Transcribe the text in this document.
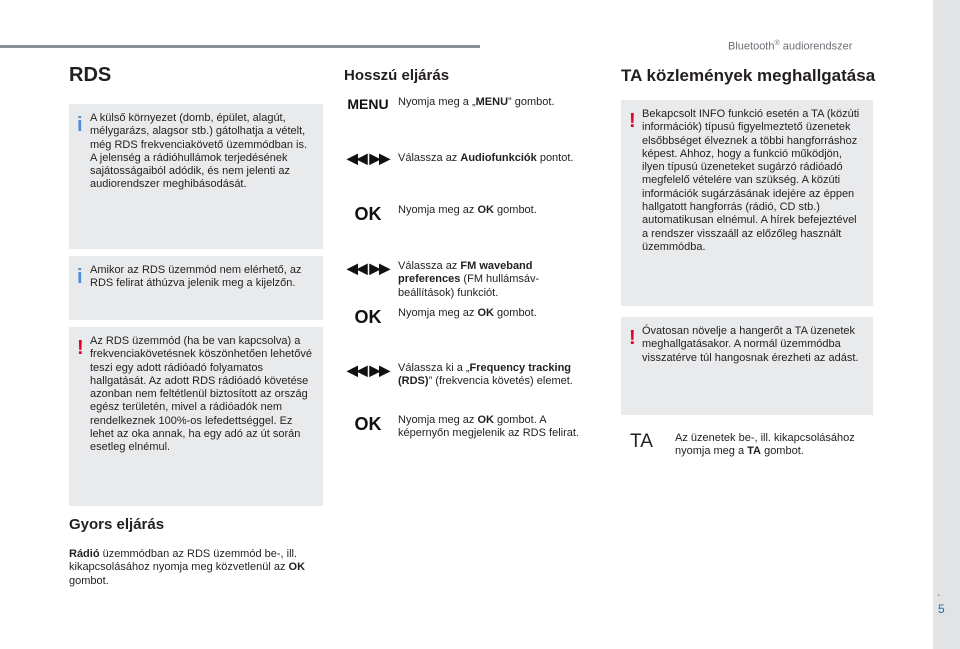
Bluetooth® audiorendszer
.
5
RDS
i A külső környezet (domb, épület, alagút, mélygarázs, alagsor stb.) gátolhatja a vételt, még RDS frekvenciakövető üzemmódban is. A jelenség a rádióhullámok terjedésének sajátosságaiból adódik, és nem jelenti az audiorendszer meghibásodását.
i Amikor az RDS üzemmód nem elérhető, az RDS felirat áthúzva jelenik meg a kijelzőn.
! Az RDS üzemmód (ha be van kapcsolva) a frekvenciakövetésnek köszönhetően lehetővé teszi egy adott rádióadó folyamatos hallgatását. Az adott RDS rádióadó követése azonban nem feltétlenül biztosított az ország egész területén, mivel a rádióadók nem rendelkeznek 100%-os lefedettséggel. Ez lehet az oka annak, ha egy adó az út során esetleg elnémul.
Gyors eljárás
Rádió üzemmódban az RDS üzemmód be-, ill. kikapcsolásához nyomja meg közvetlenül az OK gombot.
Hosszú eljárás
MENU Nyomja meg a „MENU” gombot.
◀◀ ▶▶ Válassza az Audiofunkciók pontot.
OK	Nyomja meg az OK gombot.
◀◀ ▶▶ Válassza az FM waveband preferences (FM hullámsáv-beállítások) funkciót.
OK	Nyomja meg az OK gombot.
◀◀ ▶▶ Válassza ki a „Frequency tracking (RDS)” (frekvencia követés) elemet.
OK	Nyomja meg az OK gombot. A képernyőn megjelenik az RDS felirat.
TA közlemények meghallgatása
! Bekapcsolt INFO funkció esetén a TA (közúti információk) típusú figyelmeztető üzenetek elsőbbséget élveznek a többi hangforráshoz képest. Ahhoz, hogy a funkció működjön, ilyen típusú üzeneteket sugárzó rádióadó megfelelő vételére van szükség. A közúti információk sugárzásának idejére az éppen hallgatott hangforrás (rádió, CD stb.) automatikusan elnémul. A hírek befejeztével a rendszer visszaáll az előzőleg használt üzemmódba.
! Óvatosan növelje a hangerőt a TA üzenetek meghallgatásakor. A normál üzemmódba visszatérve túl hangosnak érezheti az adást.
TA Az üzenetek be-, ill. kikapcsolásához nyomja meg a TA gombot.
